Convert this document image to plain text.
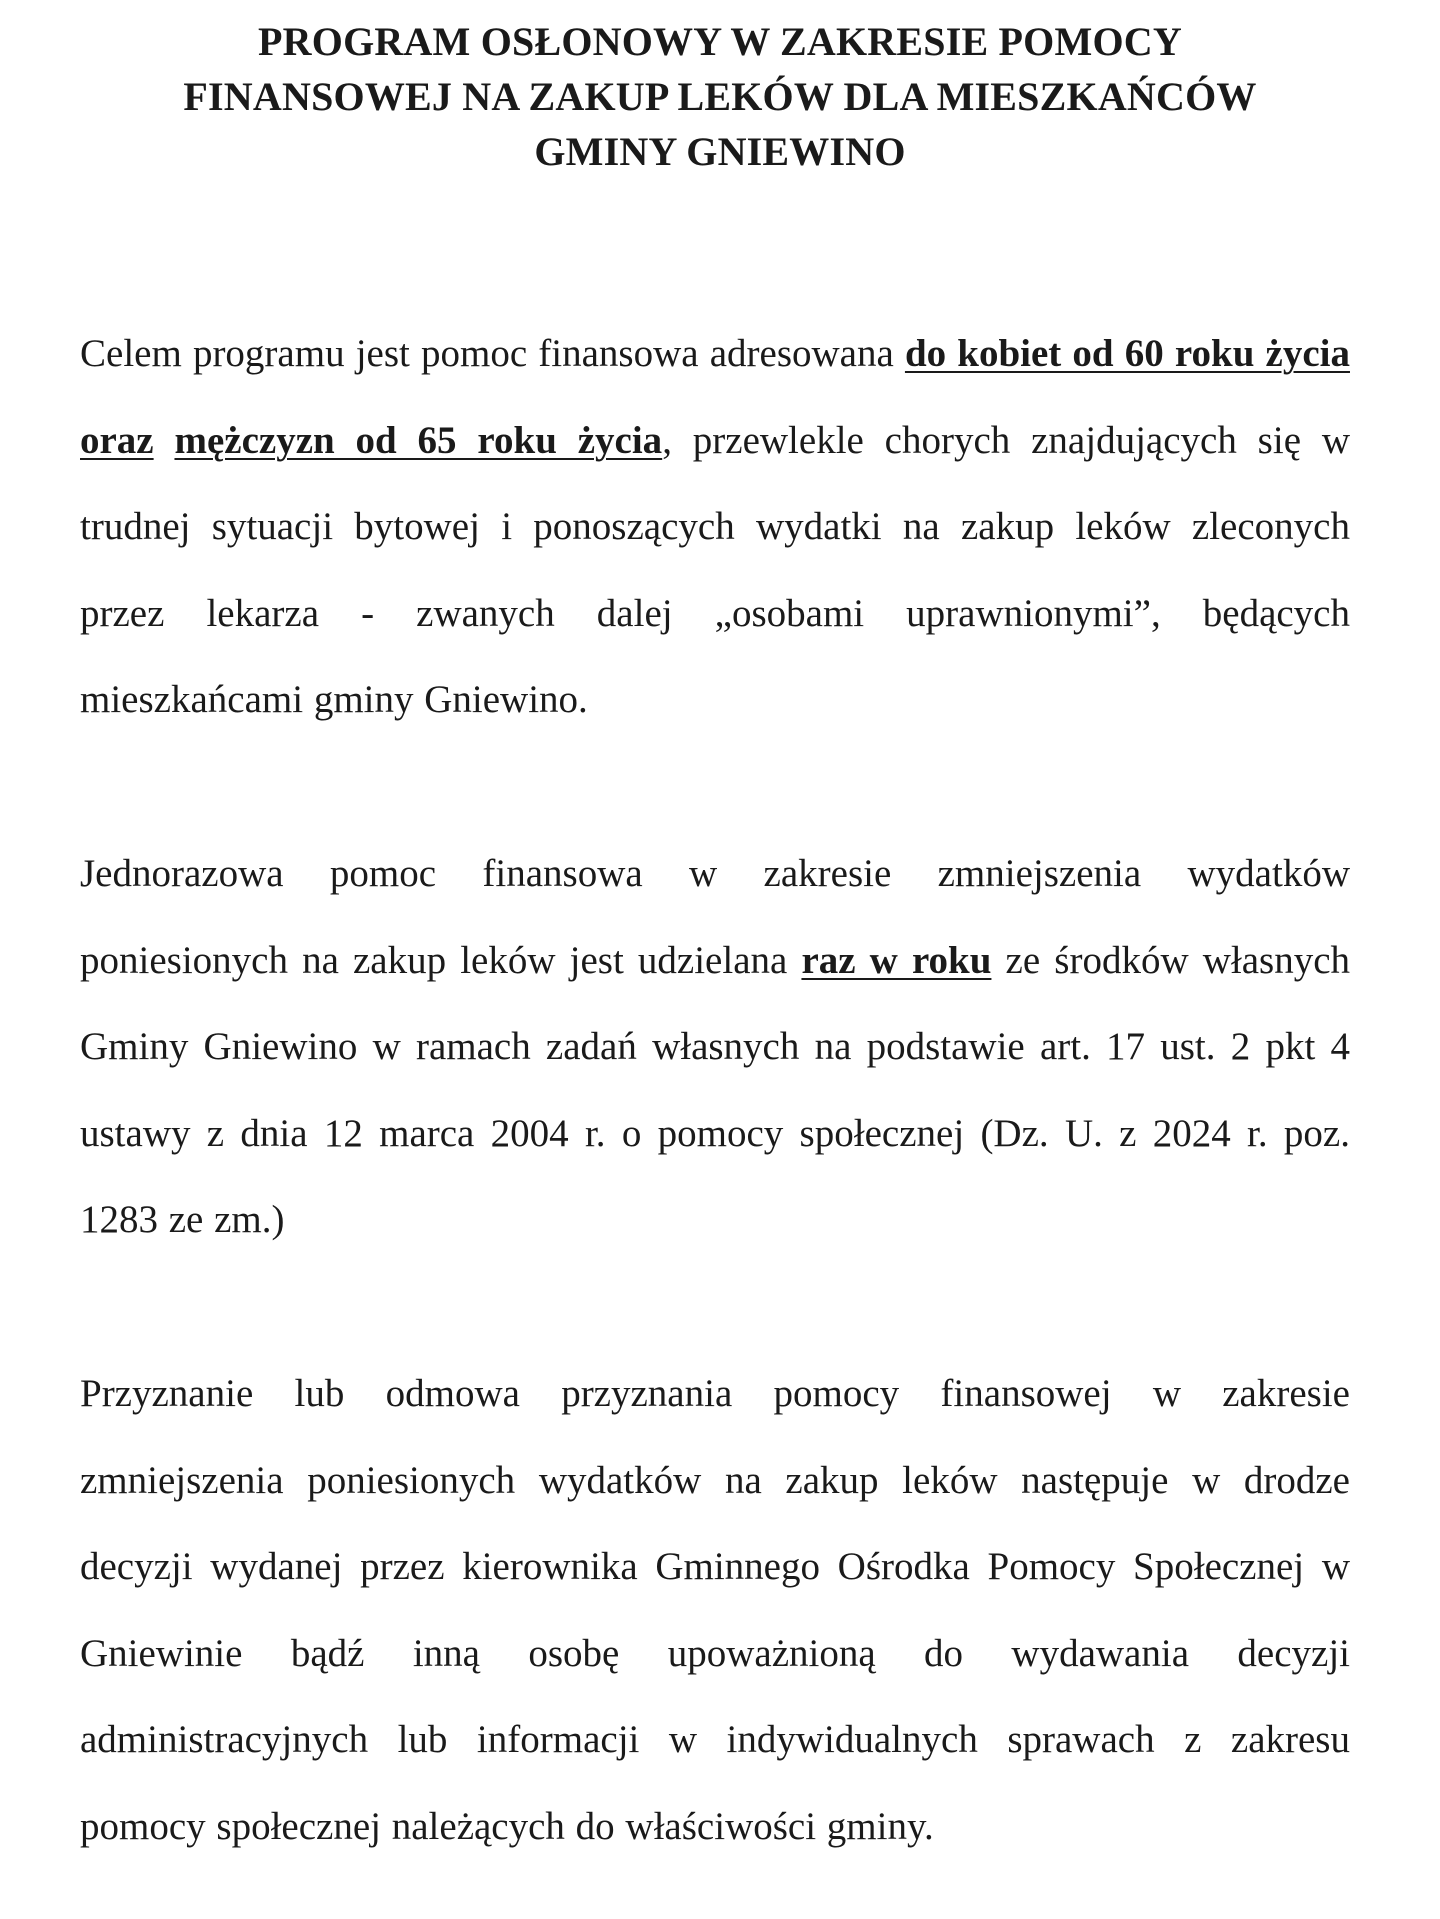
PROGRAM OSŁONOWY W ZAKRESIE POMOCY
FINANSOWEJ NA ZAKUP LEKÓW DLA MIESZKAŃCÓW
GMINY GNIEWINO

Celem programu jest pomoc finansowa adresowana do kobiet od 60 roku życia oraz mężczyzn od 65 roku życia, przewlekle chorych znajdujących się w trudnej sytuacji bytowej i ponoszących wydatki na zakup leków zleconych przez lekarza - zwanych dalej „osobami uprawnionymi”, będących mieszkańcami gminy Gniewino.

Jednorazowa pomoc finansowa w zakresie zmniejszenia wydatków poniesionych na zakup leków jest udzielana raz w roku ze środków własnych Gminy Gniewino w ramach zadań własnych na podstawie art. 17 ust. 2 pkt 4 ustawy z dnia 12 marca 2004 r. o pomocy społecznej (Dz. U. z 2024 r. poz. 1283 ze zm.)

Przyznanie lub odmowa przyznania pomocy finansowej w zakresie zmniejszenia poniesionych wydatków na zakup leków następuje w drodze decyzji wydanej przez kierownika Gminnego Ośrodka Pomocy Społecznej w Gniewinie bądź inną osobę upoważnioną do wydawania decyzji administracyjnych lub informacji w indywidualnych sprawach z zakresu pomocy społecznej należących do właściwości gminy.
